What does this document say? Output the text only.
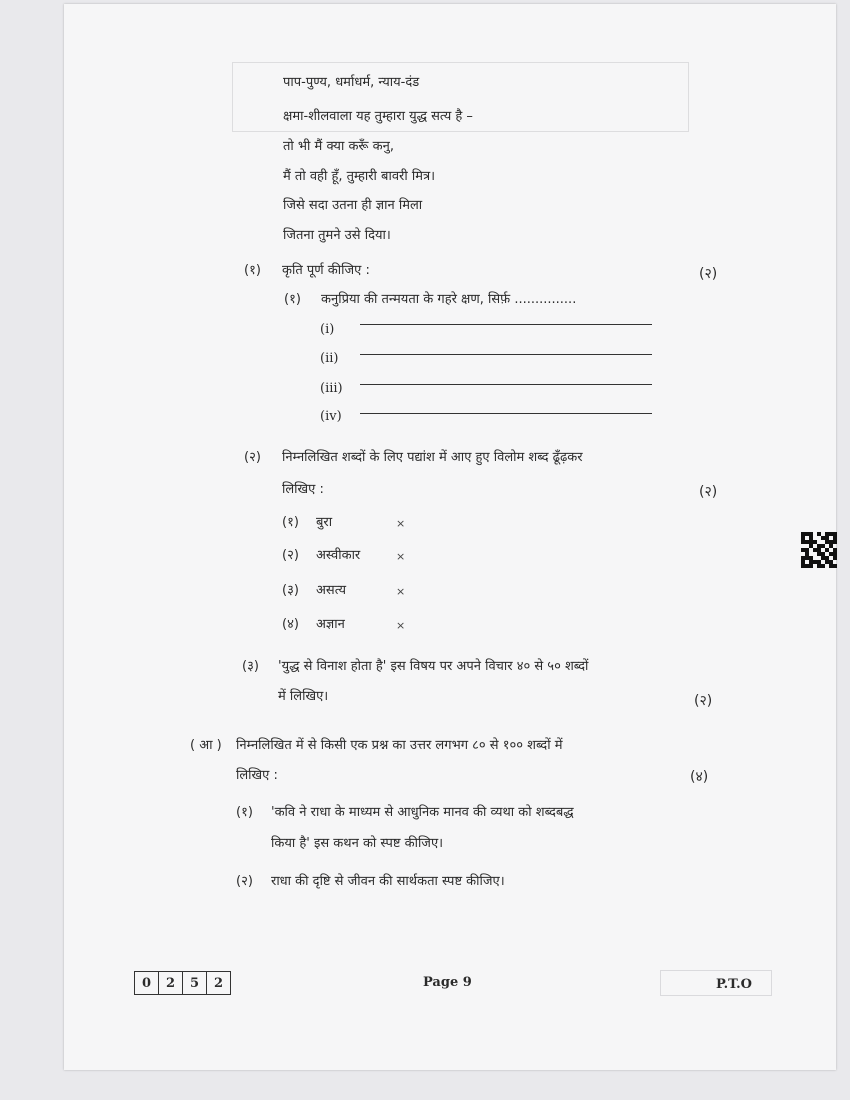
पाप-पुण्य, धर्माधर्म, न्याय-दंड
क्षमा-शीलवाला यह तुम्हारा युद्ध सत्य है –
तो भी मैं क्या करूँ कनु,
मैं तो वही हूँ, तुम्हारी बावरी मित्र।
जिसे सदा उतना ही ज्ञान मिला
जितना तुमने उसे दिया।
(१) कृति पूर्ण कीजिए :	(२)
(१) कनुप्रिया की तन्मयता के गहरे क्षण, सिर्फ़ ...............
(i)
(ii)
(iii)
(iv)
(२) निम्नलिखित शब्दों के लिए पद्यांश में आए हुए विलोम शब्द ढूँढ़कर
लिखिए :	(२)
(१) बुरा	×
(२) अस्वीकार	×
(३) असत्य	×
(४) अज्ञान	×
(३) 'युद्ध से विनाश होता है' इस विषय पर अपने विचार ४० से ५० शब्दों
में लिखिए।	(२)
( आ ) निम्नलिखित में से किसी एक प्रश्न का उत्तर लगभग ८० से १०० शब्दों में
लिखिए :	(४)
(१) 'कवि ने राधा के माध्यम से आधुनिक मानव की व्यथा को शब्दबद्ध
किया है' इस कथन को स्पष्ट कीजिए।
(२) राधा की दृष्टि से जीवन की सार्थकता स्पष्ट कीजिए।
0	2	5	2	Page 9	P.T.O
